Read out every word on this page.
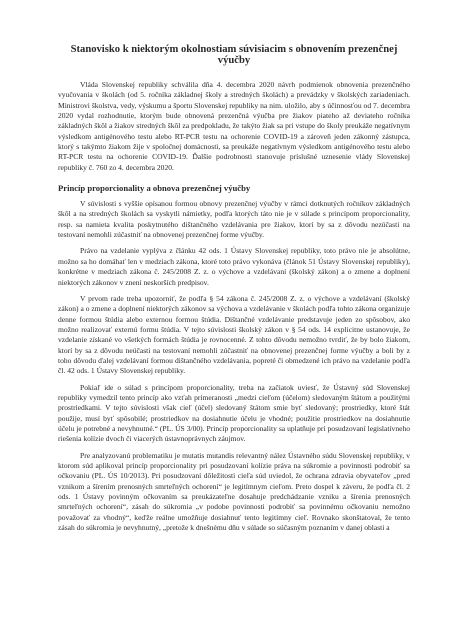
Stanovisko k niektorým okolnostiam súvisiacim s obnovením prezenčnej výučby

Vláda Slovenskej republiky schválila dňa 4. decembra 2020 návrh podmienok obnovenia prezenčného vyučovania v školách (od 5. ročníka základnej školy a stredných školách) a prevádzky v školských zariadeniach. Ministrovi školstva, vedy, výskumu a športu Slovenskej republiky na nim. uložilo, aby s účinnosťou od 7. decembra 2020 vydal rozhodnutie, ktorým bude obnovená prezenčná výučba pre žiakov piateho až deviateho ročníka základných škôl a žiakov stredných škôl za predpokladu, že takýto žiak sa pri vstupe do školy preukáže negatívnym výsledkom antigénového testu alebo RT-PCR testu na ochorenie COVID-19 a zároveň jeden zákonný zástupca, ktorý s takýmto žiakom žije v spoločnej domácnosti, sa preukáže negatívnym výsledkom antigénového testu alebo RT-PCR testu na ochorenie COVID-19. Ďalšie podrobnosti stanovuje príslušné uznesenie vlády Slovenskej republiky č. 760 zo 4. decembra 2020.

Princíp proporcionality a obnova prezenčnej výučby

V súvislosti s vyššie opísanou formou obnovy prezenčnej výučby v rámci dotknutých ročníkov základných škôl a na stredných školách sa vyskytli námietky, podľa ktorých táto nie je v súlade s princípom proporcionality, resp. sa namieta kvalita poskytnutého dištančného vzdelávania pre žiakov, ktorí by sa z dôvodu nezúčasti na testovaní nemohli zúčastniť na obnovenej prezenčnej forme výučby.

Právo na vzdelanie vyplýva z článku 42 ods. 1 Ústavy Slovenskej republiky, toto právo nie je absolútne, možno sa ho domáhať len v medziach zákona, ktoré toto právo vykonáva (článok 51 Ústavy Slovenskej republiky), konkrétne v medziach zákona č. 245/2008 Z. z. o výchove a vzdelávaní (školský zákon) a o zmene a doplnení niektorých zákonov v znení neskorších predpisov.

V prvom rade treba upozorniť, že podľa § 54 zákona č. 245/2008 Z. z. o výchove a vzdelávaní (školský zákon) a o zmene a doplnení niektorých zákonov sa výchova a vzdelávanie v školách podľa tohto zákona organizuje denne formou štúdia alebo externou formou štúdia. Dištančné vzdelávanie predstavuje jeden zo spôsobov, ako možno realizovať externú formu štúdia. V tejto súvislosti školský zákon v § 54 ods. 14 explicitne ustanovuje, že vzdelanie získané vo všetkých formách štúdia je rovnocenné. Z tohto dôvodu nemožno tvrdiť, že by bolo žiakom, ktorí by sa z dôvodu neúčasti na testovaní nemohli zúčastniť na obnovenej prezenčnej forme výučby a boli by z toho dôvodu ďalej vzdelávaní formou dištančného vzdelávania, popreté či obmedzené ich právo na vzdelanie podľa čl. 42 ods. 1 Ústavy Slovenskej republiky.

Pokiaľ ide o súlad s princípom proporcionality, treba na začiatok uviesť, že Ústavný súd Slovenskej republiky vymedzil tento princíp ako vzťah primeranosti „medzi cieľom (účelom) sledovaným štátom a použitými prostriedkami. V tejto súvislosti však cieľ (účel) sledovaný štátom smie byť sledovaný; prostriedky, ktoré štát použije, musí byť spôsobilé; prostriedkov na dosiahnutie účelu je vhodné; použitie prostriedkov na dosiahnutie účelu je potrebné a nevyhnutné.“ (PL. ÚS 3/00). Princíp proporcionality sa uplatňuje pri posudzovaní legislatívneho riešenia kolízie dvoch či viacerých ústavnoprávnych záujmov.

Pre analyzovanú problematiku je mutatis mutandis relevantný nález Ústavného súdu Slovenskej republiky, v ktorom súd aplikoval princíp proporcionality pri posudzovaní kolízie práva na súkromie a povinnosti podrobiť sa očkovaniu (PL. ÚS 10/2013). Pri posudzovaní dôležitosti cieľa súd uviedol, že ochrana zdravia obyvateľov „pred vznikom a šírením prenosných smrteľných ochorení“ je legitímnym cieľom. Preto dospel k záveru, že podľa čl. 2 ods. 1 Ústavy povinným očkovaním sa preukázateľne dosahuje predchádzanie vzniku a šírenia prenosných smrteľných ochorení“, zásah do súkromia „v podobe povinnosti podrobiť sa povinnému očkovaniu nemožno považovať za vhodný“, keďže reálne umožňuje dosiahnuť tento legitímny cieľ. Rovnako skonštatoval, že tento zásah do súkromia je nevyhnutný, „pretože k dnešnému dňu v súlade so súčasným poznaním v danej oblasti a
